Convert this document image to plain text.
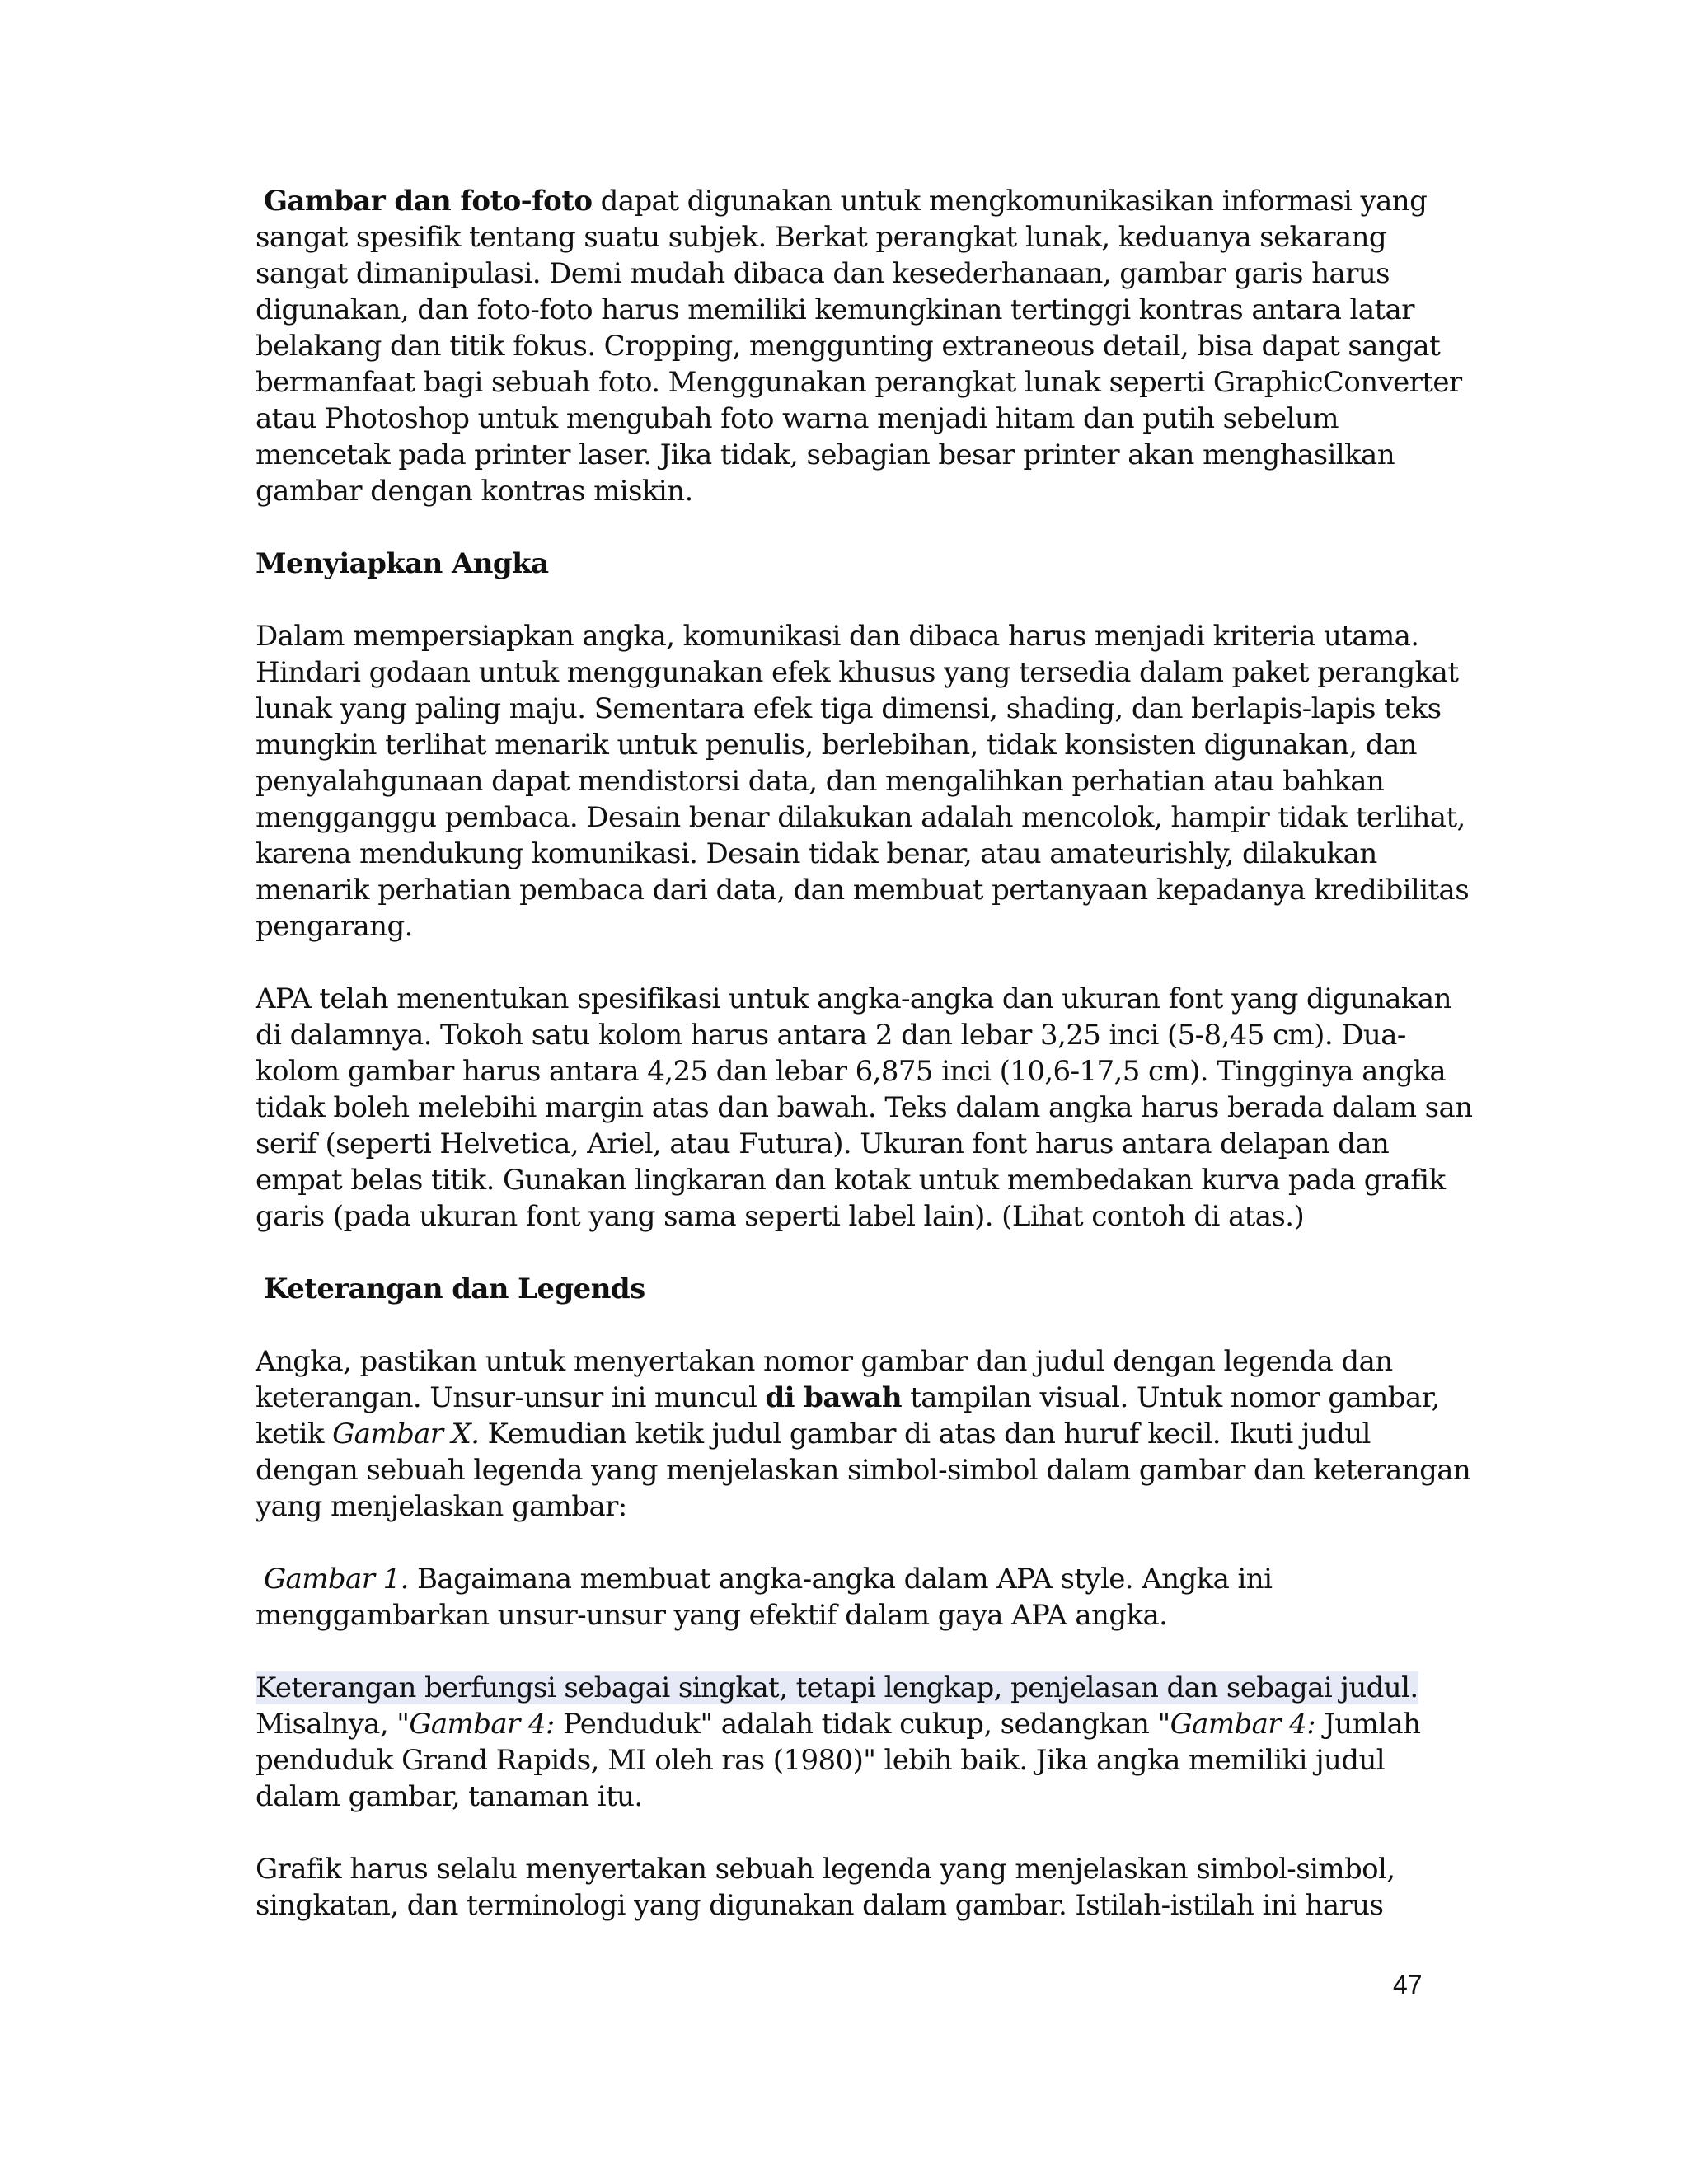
Gambar dan foto-foto dapat digunakan untuk mengkomunikasikan informasi yang
sangat spesifik tentang suatu subjek. Berkat perangkat lunak, keduanya sekarang
sangat dimanipulasi. Demi mudah dibaca dan kesederhanaan, gambar garis harus
digunakan, dan foto-foto harus memiliki kemungkinan tertinggi kontras antara latar
belakang dan titik fokus. Cropping, menggunting extraneous detail, bisa dapat sangat
bermanfaat bagi sebuah foto. Menggunakan perangkat lunak seperti GraphicConverter
atau Photoshop untuk mengubah foto warna menjadi hitam dan putih sebelum
mencetak pada printer laser. Jika tidak, sebagian besar printer akan menghasilkan
gambar dengan kontras miskin.
Menyiapkan Angka
Dalam mempersiapkan angka, komunikasi dan dibaca harus menjadi kriteria utama.
Hindari godaan untuk menggunakan efek khusus yang tersedia dalam paket perangkat
lunak yang paling maju. Sementara efek tiga dimensi, shading, dan berlapis-lapis teks
mungkin terlihat menarik untuk penulis, berlebihan, tidak konsisten digunakan, dan
penyalahgunaan dapat mendistorsi data, dan mengalihkan perhatian atau bahkan
mengganggu pembaca. Desain benar dilakukan adalah mencolok, hampir tidak terlihat,
karena mendukung komunikasi. Desain tidak benar, atau amateurishly, dilakukan
menarik perhatian pembaca dari data, dan membuat pertanyaan kepadanya kredibilitas
pengarang.
APA telah menentukan spesifikasi untuk angka-angka dan ukuran font yang digunakan
di dalamnya. Tokoh satu kolom harus antara 2 dan lebar 3,25 inci (5-8,45 cm). Dua-
kolom gambar harus antara 4,25 dan lebar 6,875 inci (10,6-17,5 cm). Tingginya angka
tidak boleh melebihi margin atas dan bawah. Teks dalam angka harus berada dalam san
serif (seperti Helvetica, Ariel, atau Futura). Ukuran font harus antara delapan dan
empat belas titik. Gunakan lingkaran dan kotak untuk membedakan kurva pada grafik
garis (pada ukuran font yang sama seperti label lain). (Lihat contoh di atas.)
Keterangan dan Legends
Angka, pastikan untuk menyertakan nomor gambar dan judul dengan legenda dan
keterangan. Unsur-unsur ini muncul di bawah tampilan visual. Untuk nomor gambar,
ketik Gambar X. Kemudian ketik judul gambar di atas dan huruf kecil. Ikuti judul
dengan sebuah legenda yang menjelaskan simbol-simbol dalam gambar dan keterangan
yang menjelaskan gambar:
Gambar 1. Bagaimana membuat angka-angka dalam APA style. Angka ini
menggambarkan unsur-unsur yang efektif dalam gaya APA angka.
Keterangan berfungsi sebagai singkat, tetapi lengkap, penjelasan dan sebagai judul.
Misalnya, "Gambar 4: Penduduk" adalah tidak cukup, sedangkan "Gambar 4: Jumlah
penduduk Grand Rapids, MI oleh ras (1980)" lebih baik. Jika angka memiliki judul
dalam gambar, tanaman itu.
Grafik harus selalu menyertakan sebuah legenda yang menjelaskan simbol-simbol,
singkatan, dan terminologi yang digunakan dalam gambar. Istilah-istilah ini harus
47
